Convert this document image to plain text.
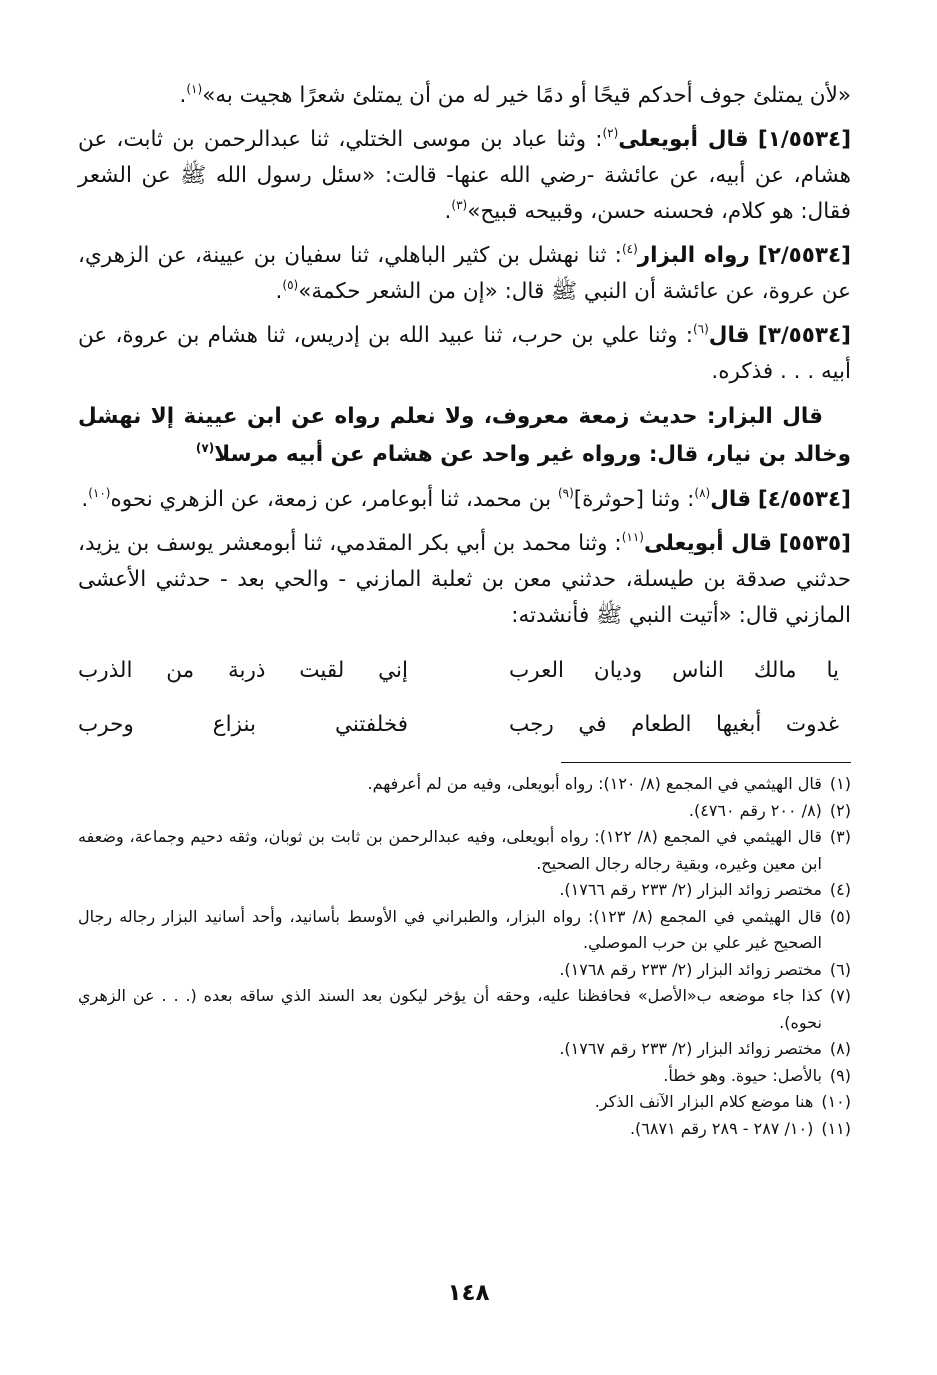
«لأن يمتلئ جوف أحدكم قيحًا أو دمًا خير له من أن يمتلئ شعرًا هجيت به»$^{(١)}$.

[١/٥٥٣٤] قال أبويعلى$^{(٢)}$: وثنا عباد بن موسى الختلي، ثنا عبدالرحمن بن ثابت، عن هشام، عن أبيه، عن عائشة -رضي الله عنها- قالت: «سئل رسول الله ﷺ عن الشعر فقال: هو كلام، فحسنه حسن، وقبيحه قبيح»$^{(٣)}$.

[٢/٥٥٣٤] رواه البزار$^{(٤)}$: ثنا نهشل بن كثير الباهلي، ثنا سفيان بن عيينة، عن الزهري، عن عروة، عن عائشة أن النبي ﷺ قال: «إن من الشعر حكمة»$^{(٥)}$.

[٣/٥٥٣٤] قال$^{(٦)}$: وثنا علي بن حرب، ثنا عبيد الله بن إدريس، ثنا هشام بن عروة، عن أبيه . . . فذكره.

قال البزار: حديث زمعة معروف، ولا نعلم رواه عن ابن عيينة إلا نهشل وخالد بن نيار، قال: ورواه غير واحد عن هشام عن أبيه مرسلا$^{(٧)}$

[٤/٥٥٣٤] قال$^{(٨)}$: وثنا [حوثرة]$^{(٩)}$ بن محمد، ثنا أبوعامر، عن زمعة، عن الزهري نحوه$^{(١٠)}$.

[٥٥٣٥] قال أبويعلى$^{(١١)}$: وثنا محمد بن أبي بكر المقدمي، ثنا أبومعشر يوسف بن يزيد، حدثني صدقة بن طيسلة، حدثني معن بن ثعلبة المازني - والحي بعد - حدثني الأعشى المازني قال: «أتيت النبي ﷺ فأنشدته:

يا مالك الناس وديان العرب
إني لقيت ذربة من الذرب
غدوت أبغيها الطعام في رجب
فخلفتني بنزاع وحرب
(١)
قال الهيثمي في المجمع (٨/ ١٢٠): رواه أبويعلى، وفيه من لم أعرفهم.
(٢)
(٨/ ٢٠٠ رقم ٤٧٦٠).
(٣)
قال الهيثمي في المجمع (٨/ ١٢٢): رواه أبويعلى، وفيه عبدالرحمن بن ثابت بن ثوبان، وثقه دحيم وجماعة، وضعفه ابن معين وغيره، وبقية رجاله رجال الصحيح.
(٤)
مختصر زوائد البزار (٢/ ٢٣٣ رقم ١٧٦٦).
(٥)
قال الهيثمي في المجمع (٨/ ١٢٣): رواه البزار، والطبراني في الأوسط بأسانيد، وأحد أسانيد البزار رجاله رجال الصحيح غير علي بن حرب الموصلي.
(٦)
مختصر زوائد البزار (٢/ ٢٣٣ رقم ١٧٦٨).
(٧)
كذا جاء موضعه ب«الأصل» فحافظنا عليه، وحقه أن يؤخر ليكون بعد السند الذي ساقه بعده (. . . عن الزهري نحوه).
(٨)
مختصر زوائد البزار (٢/ ٢٣٣ رقم ١٧٦٧).
(٩)
بالأصل: حيوة. وهو خطأ.
(١٠)
هنا موضع كلام البزار الآنف الذكر.
(١١)
(١٠/ ٢٨٧ - ٢٨٩ رقم ٦٨٧١).
١٤٨
